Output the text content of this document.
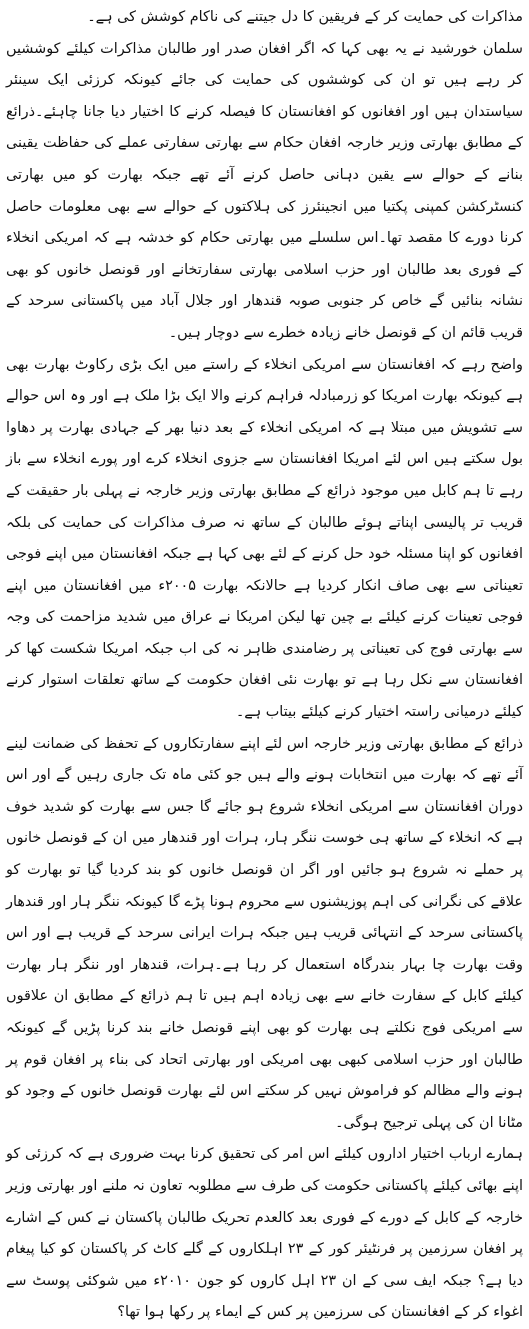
مذاکرات کی حمایت کر کے فریقین کا دل جیتنے کی ناکام کوشش کی ہے۔

سلمان خورشید نے یہ بھی کہا کہ اگر افغان صدر اور طالبان مذاکرات کیلئے کوششیں کر رہے ہیں تو ان کی کوششوں کی حمایت کی جائے کیونکہ کرزئی ایک سینئر سیاستدان ہیں اور افغانوں کو افغانستان کا فیصلہ کرنے کا اختیار دیا جانا چاہئے۔ذرائع کے مطابق بھارتی وزیر خارجہ افغان حکام سے بھارتی سفارتی عملے کی حفاظت یقینی بنانے کے حوالے سے یقین دہانی حاصل کرنے آئے تھے جبکہ بھارت کو میں بھارتی کنسٹرکشن کمپنی پکتیا میں انجینئرز کی ہلاکتوں کے حوالے سے بھی معلومات حاصل کرنا دورے کا مقصد تھا۔اس سلسلے میں بھارتی حکام کو خدشہ ہے کہ امریکی انخلاء کے فوری بعد طالبان اور حزب اسلامی بھارتی سفارتخانے اور قونصل خانوں کو بھی نشانہ بنائیں گے خاص کر جنوبی صوبہ قندھار اور جلال آباد میں پاکستانی سرحد کے قریب قائم ان کے قونصل خانے زیادہ خطرے سے دوچار ہیں۔

واضح رہے کہ افغانستان سے امریکی انخلاء کے راستے میں ایک بڑی رکاوٹ بھارت بھی ہے کیونکہ بھارت امریکا کو زرمبادلہ فراہم کرنے والا ایک بڑا ملک ہے اور وہ اس حوالے سے تشویش میں مبتلا ہے کہ امریکی انخلاء کے بعد دنیا بھر کے جہادی بھارت پر دھاوا بول سکتے ہیں اس لئے امریکا افغانستان سے جزوی انخلاء کرے اور پورے انخلاء سے باز رہے تا ہم کابل میں موجود ذرائع کے مطابق بھارتی وزیر خارجہ نے پہلی بار حقیقت کے قریب تر پالیسی اپناتے ہوئے طالبان کے ساتھ نہ صرف مذاکرات کی حمایت کی بلکہ افغانوں کو اپنا مسئلہ خود حل کرنے کے لئے بھی کہا ہے جبکہ افغانستان میں اپنے فوجی تعیناتی سے بھی صاف انکار کردیا ہے حالانکہ بھارت ۲۰۰۵ء میں افغانستان میں اپنے فوجی تعینات کرنے کیلئے بے چین تھا لیکن امریکا نے عراق میں شدید مزاحمت کی وجہ سے بھارتی فوج کی تعیناتی پر رضامندی ظاہر نہ کی اب جبکہ امریکا شکست کھا کر افغانستان سے نکل رہا ہے تو بھارت نئی افغان حکومت کے ساتھ تعلقات استوار کرنے کیلئے درمیانی راستہ اختیار کرنے کیلئے بیتاب ہے۔

ذرائع کے مطابق بھارتی وزیر خارجہ اس لئے اپنے سفارتکاروں کے تحفظ کی ضمانت لینے آئے تھے کہ بھارت میں انتخابات ہونے والے ہیں جو کئی ماہ تک جاری رہیں گے اور اس دوران افغانستان سے امریکی انخلاء شروع ہو جائے گا جس سے بھارت کو شدید خوف ہے کہ انخلاء کے ساتھ ہی خوست ننگر ہار، ہرات اور قندھار میں ان کے قونصل خانوں پر حملے نہ شروع ہو جائیں اور اگر ان قونصل خانوں کو بند کردیا گیا تو بھارت کو علاقے کی نگرانی کی اہم پوزیشنوں سے محروم ہونا پڑے گا کیونکہ ننگر ہار اور قندھار پاکستانی سرحد کے انتہائی قریب ہیں جبکہ ہرات ایرانی سرحد کے قریب ہے اور اس وقت بھارت چا بہار بندرگاہ استعمال کر رہا ہے۔ہرات، قندھار اور ننگر ہار بھارت کیلئے کابل کے سفارت خانے سے بھی زیادہ اہم ہیں تا ہم ذرائع کے مطابق ان علاقوں سے امریکی فوج نکلتے ہی بھارت کو بھی اپنے قونصل خانے بند کرنا پڑیں گے کیونکہ طالبان اور حزب اسلامی کبھی بھی امریکی اور بھارتی اتحاد کی بناء پر افغان قوم پر ہونے والے مظالم کو فراموش نہیں کر سکتے اس لئے بھارت قونصل خانوں کے وجود کو مٹانا ان کی پہلی ترجیح ہوگی۔

ہمارے ارباب اختیار اداروں کیلئے اس امر کی تحقیق کرنا بہت ضروری ہے کہ کرزئی کو اپنے بھائی کیلئے پاکستانی حکومت کی طرف سے مطلوبہ تعاون نہ ملنے اور بھارتی وزیر خارجہ کے کابل کے دورے کے فوری بعد کالعدم تحریک طالبان پاکستان نے کس کے اشارے پر افغان سرزمین پر فرنٹیئر کور کے ۲۳ اہلکاروں کے گلے کاٹ کر پاکستان کو کیا پیغام دیا ہے؟ جبکہ ایف سی کے ان ۲۳ اہل کاروں کو جون ۲۰۱۰ء میں شوکئی پوسٹ سے اغواء کر کے افغانستان کی سرزمین پر کس کے ایماء پر رکھا ہوا تھا؟
